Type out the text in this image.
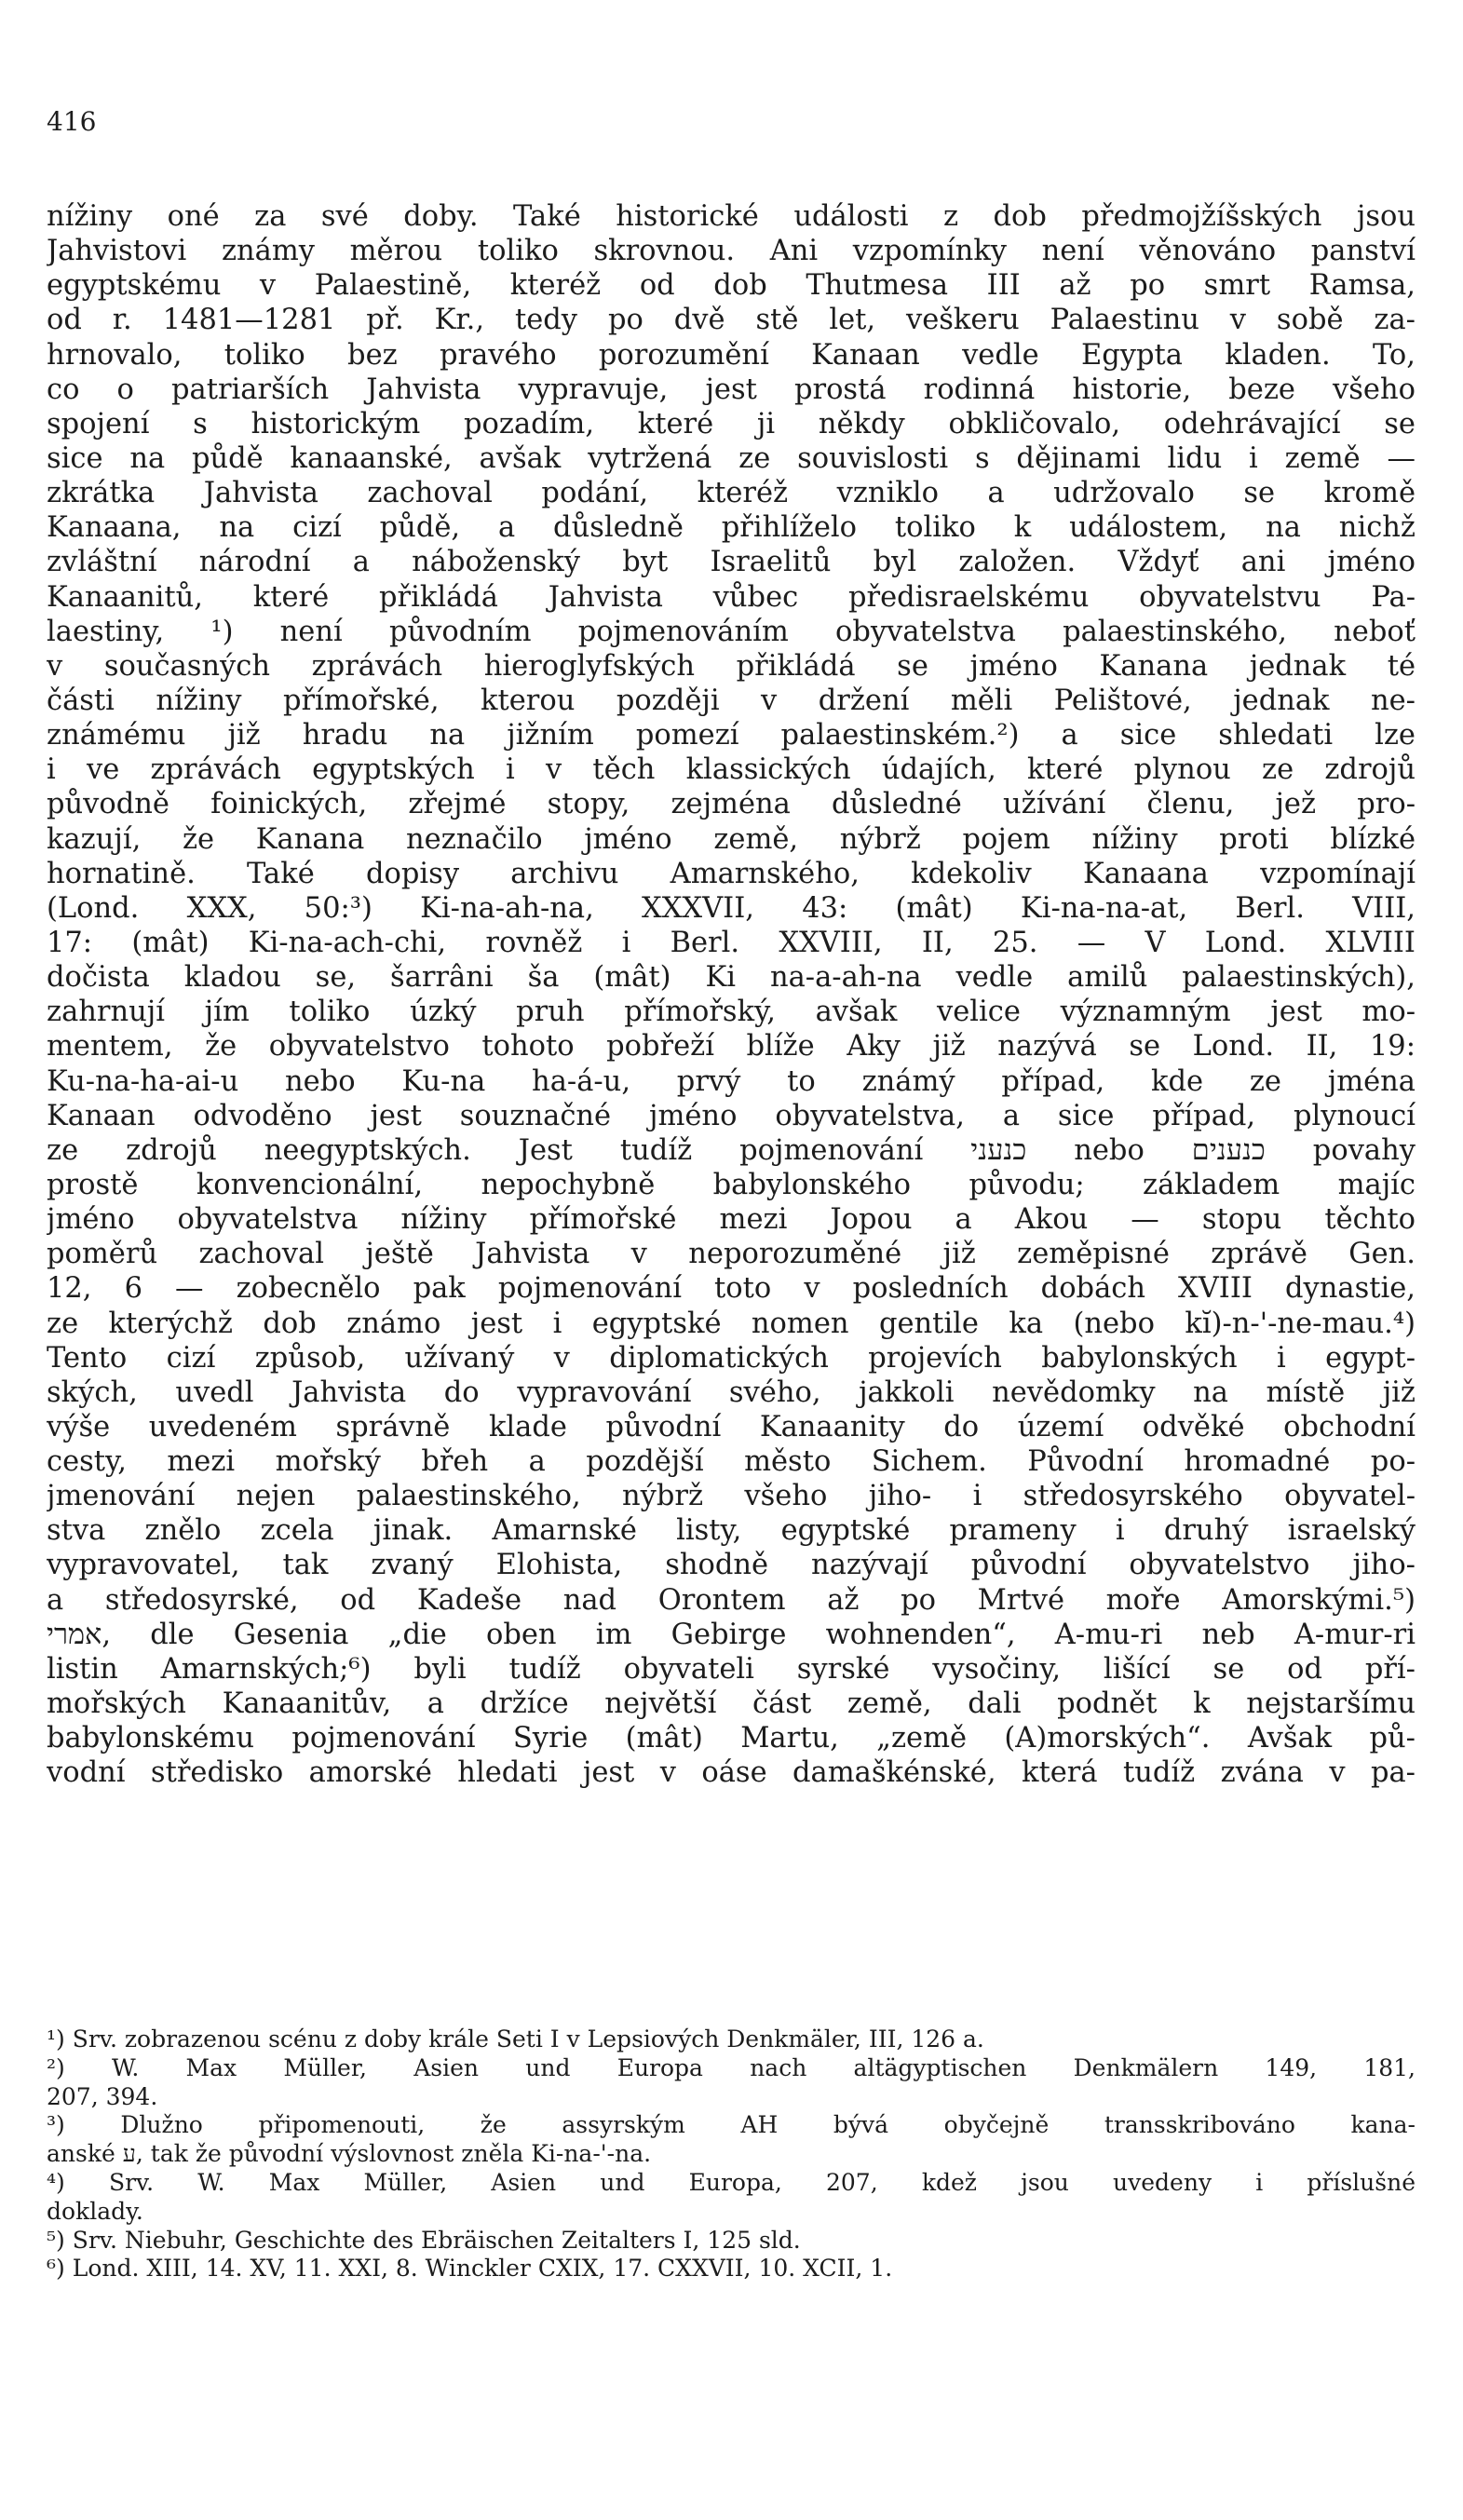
416
nížiny oné za své doby. Také historické události z dob předmojžíšských jsou
Jahvistovi známy měrou toliko skrovnou. Ani vzpomínky není věnováno panství
egyptskému v Palaestině, kteréž od dob Thutmesa III až po smrt Ramsa,
od r. 1481—1281 př. Kr., tedy po dvě stě let, veškeru Palaestinu v sobě za-
hrnovalo, toliko bez pravého porozumění Kanaan vedle Egypta kladen. To,
co o patriarších Jahvista vypravuje, jest prostá rodinná historie, beze všeho
spojení s historickým pozadím, které ji někdy obkličovalo, odehrávající se
sice na půdě kanaanské, avšak vytržená ze souvislosti s dějinami lidu i země —
zkrátka Jahvista zachoval podání, kteréž vzniklo a udržovalo se kromě
Kanaana, na cizí půdě, a důsledně přihlíželo toliko k událostem, na nichž
zvláštní národní a náboženský byt Israelitů byl založen. Vždyť ani jméno
Kanaanitů, které přikládá Jahvista vůbec předisraelskému obyvatelstvu Pa-
laestiny, ¹) není původním pojmenováním obyvatelstva palaestinského, neboť
v současných zprávách hieroglyfských přikládá se jméno Kanana jednak té
části nížiny přímořské, kterou později v držení měli Pelištové, jednak ne-
známému již hradu na jižním pomezí palaestinském.²) a sice shledati lze
i ve zprávách egyptských i v těch klassických údajích, které plynou ze zdrojů
původně foinických, zřejmé stopy, zejména důsledné užívání členu, jež pro-
kazují, že Kanana neznačilo jméno země, nýbrž pojem nížiny proti blízké
hornatině. Také dopisy archivu Amarnského, kdekoliv Kanaana vzpomínají
(Lond. XXX, 50:³) Ki-na-ah-na, XXXVII, 43: (mât) Ki-na-na-at, Berl. VIII,
17: (mât) Ki-na-ach-chi, rovněž i Berl. XXVIII, II, 25. — V Lond. XLVIII
dočista kladou se, šarrâni ša (mât) Ki na-a-ah-na vedle amilů palaestinských),
zahrnují jím toliko úzký pruh přímořský, avšak velice významným jest mo-
mentem, že obyvatelstvo tohoto pobřeží blíže Aky již nazývá se Lond. II, 19:
Ku-na-ha-ai-u nebo Ku-na ha-á-u, prvý to známý případ, kde ze jména
Kanaan odvoděno jest souznačné jméno obyvatelstva, a sice případ, plynoucí
ze zdrojů neegyptských. Jest tudíž pojmenování כנעני nebo כנענים povahy
prostě konvencionální, nepochybně babylonského původu; základem majíc
jméno obyvatelstva nížiny přímořské mezi Jopou a Akou — stopu těchto
poměrů zachoval ještě Jahvista v neporozuměné již zeměpisné zprávě Gen.
12, 6 — zobecnělo pak pojmenování toto v posledních dobách XVIII dynastie,
ze kterýchž dob známo jest i egyptské nomen gentile ka (nebo kĭ)-n-'-ne-mau.⁴)
Tento cizí způsob, užívaný v diplomatických projevích babylonských i egypt-
ských, uvedl Jahvista do vypravování svého, jakkoli nevědomky na místě již
výše uvedeném správně klade původní Kanaanity do území odvěké obchodní
cesty, mezi mořský břeh a pozdější město Sichem. Původní hromadné po-
jmenování nejen palaestinského, nýbrž všeho jiho- i středosyrského obyvatel-
stva znělo zcela jinak. Amarnské listy, egyptské prameny i druhý israelský
vypravovatel, tak zvaný Elohista, shodně nazývají původní obyvatelstvo jiho-
a středosyrské, od Kadeše nad Orontem až po Mrtvé moře Amorskými.⁵)
אמרי, dle Gesenia „die oben im Gebirge wohnenden“, A-mu-ri neb A-mur-ri
listin Amarnských;⁶) byli tudíž obyvateli syrské vysočiny, lišící se od pří-
mořských Kanaanitův, a držíce největší část země, dali podnět k nejstaršímu
babylonskému pojmenování Syrie (mât) Martu, „země (A)morských“. Avšak pů-
vodní středisko amorské hledati jest v oáse damaškénské, která tudíž zvána v pa-
¹) Srv. zobrazenou scénu z doby krále Seti I v Lepsiových Denkmäler, III, 126 a.
²) W. Max Müller, Asien und Europa nach altägyptischen Denkmälern 149, 181,
207, 394.
³) Dlužno připomenouti, že assyrským AH bývá obyčejně transskribováno kana-
anské ע, tak že původní výslovnost zněla Ki-na-'-na.
⁴) Srv. W. Max Müller, Asien und Europa, 207, kdež jsou uvedeny i příslušné
doklady.
⁵) Srv. Niebuhr, Geschichte des Ebräischen Zeitalters I, 125 sld.
⁶) Lond. XIII, 14. XV, 11. XXI, 8. Winckler CXIX, 17. CXXVII, 10. XCII, 1.
